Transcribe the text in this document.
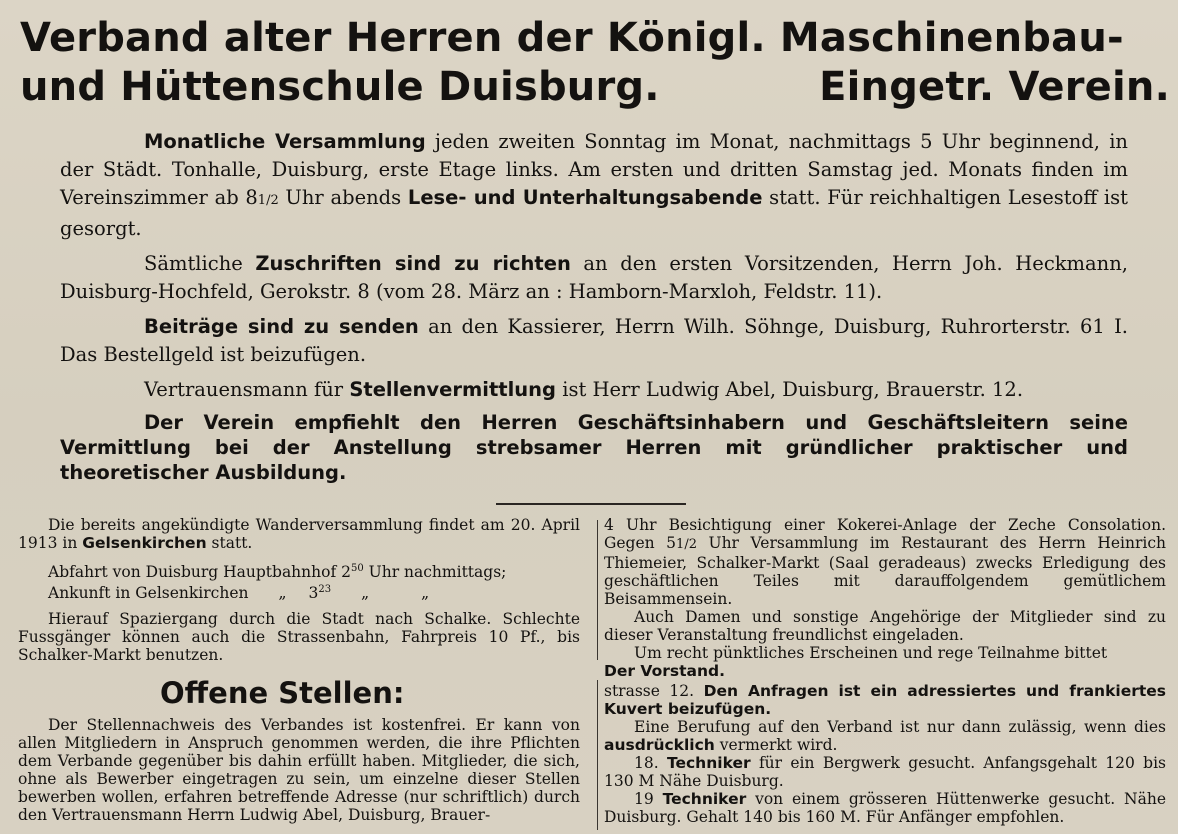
Verband alter Herren der Königl. Maschinenbau-
und Hüttenschule Duisburg.	Eingetr. Verein.

Monatliche Versammlung jeden zweiten Sonntag im Monat, nachmittags 5 Uhr beginnend, in der Städt. Tonhalle, Duisburg, erste Etage links. Am ersten und dritten Samstag jed. Monats finden im Vereinszimmer ab 81/2 Uhr abends Lese- und Unterhaltungsabende statt. Für reichhaltigen Lesestoff ist gesorgt.

Sämtliche Zuschriften sind zu richten an den ersten Vorsitzenden, Herrn Joh. Heckmann, Duisburg-Hochfeld, Gerokstr. 8 (vom 28. März an : Hamborn-Marxloh, Feldstr. 11).

Beiträge sind zu senden an den Kassierer, Herrn Wilh. Söhnge, Duisburg, Ruhrorterstr. 61 I. Das Bestellgeld ist beizufügen.

Vertrauensmann für Stellenvermittlung ist Herr Ludwig Abel, Duisburg, Brauerstr. 12.

Der Verein empfiehlt den Herren Geschäftsinhabern und Geschäftsleitern seine Vermittlung bei der Anstellung strebsamer Herren mit gründlicher praktischer und theoretischer Ausbildung.

Die bereits angekündigte Wanderversammlung findet am 20. April 1913 in Gelsenkirchen statt.

Abfahrt von Duisburg Hauptbahnhof $2^{50}$ Uhr nachmittags;

Ankunft in Gelsenkirchen „ $3^{23}$ „	„

Hierauf Spaziergang durch die Stadt nach Schalke. Schlechte Fussgänger können auch die Strassenbahn, Fahrpreis 10 Pf., bis Schalker-Markt benutzen.

4 Uhr Besichtigung einer Kokerei-Anlage der Zeche Consolation. Gegen 51/2 Uhr Versammlung im Restaurant des Herrn Heinrich Thiemeier, Schalker-Markt (Saal geradeaus) zwecks Erledigung des geschäftlichen Teiles mit darauffolgendem gemütlichem Beisammensein.

Auch Damen und sonstige Angehörige der Mitglieder sind zu dieser Veranstaltung freundlichst eingeladen.

Um recht pünktliches Erscheinen und rege Teilnahme bittet

Der Vorstand.

Offene Stellen:

Der Stellennachweis des Verbandes ist kostenfrei. Er kann von allen Mitgliedern in Anspruch genommen werden, die ihre Pflichten dem Verbande gegenüber bis dahin erfüllt haben. Mitglieder, die sich, ohne als Bewerber eingetragen zu sein, um einzelne dieser Stellen bewerben wollen, erfahren betreffende Adresse (nur schriftlich) durch den Vertrauensmann Herrn Ludwig Abel, Duisburg, Brauer-

strasse 12. Den Anfragen ist ein adressiertes und frankiertes Kuvert beizufügen.

Eine Berufung auf den Verband ist nur dann zulässig, wenn dies ausdrücklich vermerkt wird.

18. Techniker für ein Bergwerk gesucht. Anfangsgehalt 120 bis 130 M Nähe Duisburg.

19 Techniker von einem grösseren Hüttenwerke gesucht. Nähe Duisburg. Gehalt 140 bis 160 M. Für Anfänger empfohlen.
